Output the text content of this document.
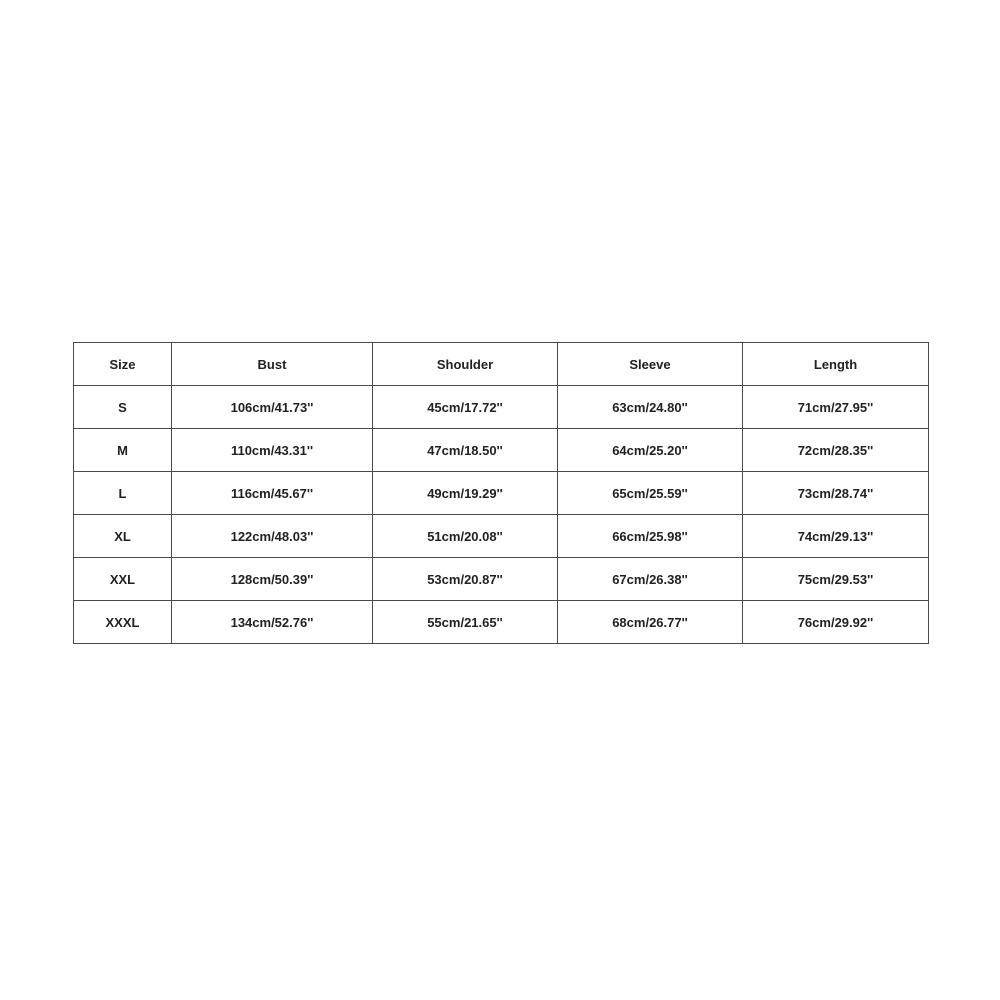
Size	Bust	Shoulder	Sleeve	Length
S	106cm/41.73''	45cm/17.72''	63cm/24.80''	71cm/27.95''
M	110cm/43.31''	47cm/18.50''	64cm/25.20''	72cm/28.35''
L	116cm/45.67''	49cm/19.29''	65cm/25.59''	73cm/28.74''
XL	122cm/48.03''	51cm/20.08''	66cm/25.98''	74cm/29.13''
XXL	128cm/50.39''	53cm/20.87''	67cm/26.38''	75cm/29.53''
XXXL	134cm/52.76''	55cm/21.65''	68cm/26.77''	76cm/29.92''
